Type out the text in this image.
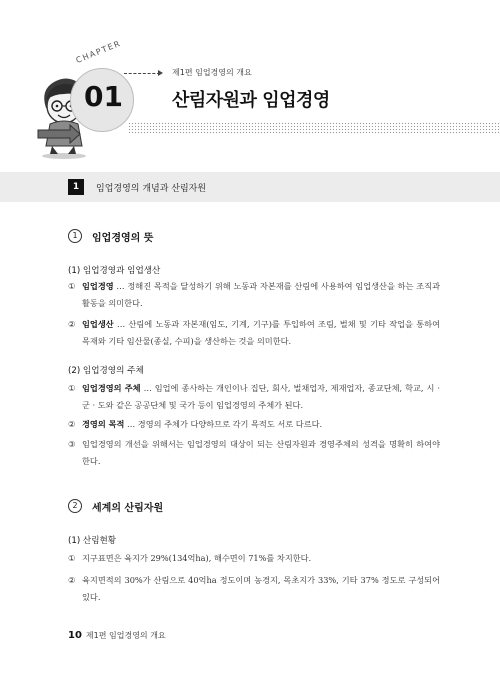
CHAPTER
01
제1편 임업경영의 개요
산림자원과 임업경영
1	임업경영의 개념과 산림자원
1	임업경영의 뜻
(1) 임업경영과 임업생산
① 임업경영 … 정해진 목적을 달성하기 위해 노동과 자본재를 산림에 사용하여 임업생산을 하는 조직과 활동을 의미한다.
② 임업생산 … 산림에 노동과 자본재(임도, 기계, 기구)를 투입하여 조림, 벌채 및 기타 작업을 통하여 목재와 기타 임산물(종실, 수피)을 생산하는 것을 의미한다.
(2) 임업경영의 주체
① 임업경영의 주체 … 임업에 종사하는 개인이나 집단, 회사, 벌채업자, 제재업자, 종교단체, 학교, 시 · 군 · 도와 같은 공공단체 및 국가 등이 임업경영의 주체가 된다.
② 경영의 목적 … 경영의 주체가 다양하므로 각기 목적도 서로 다르다.
③ 임업경영의 개선을 위해서는 임업경영의 대상이 되는 산림자원과 경영주체의 성격을 명확히 하여야 한다.
2	세계의 산림자원
(1) 산림현황
① 지구표면은 육지가 29%(134억ha), 해수면이 71%를 차지한다.
② 육지면적의 30%가 산림으로 40억ha 정도이며 농경지, 목초지가 33%, 기타 37% 정도로 구성되어 있다.
10 제1편 임업경영의 개요
